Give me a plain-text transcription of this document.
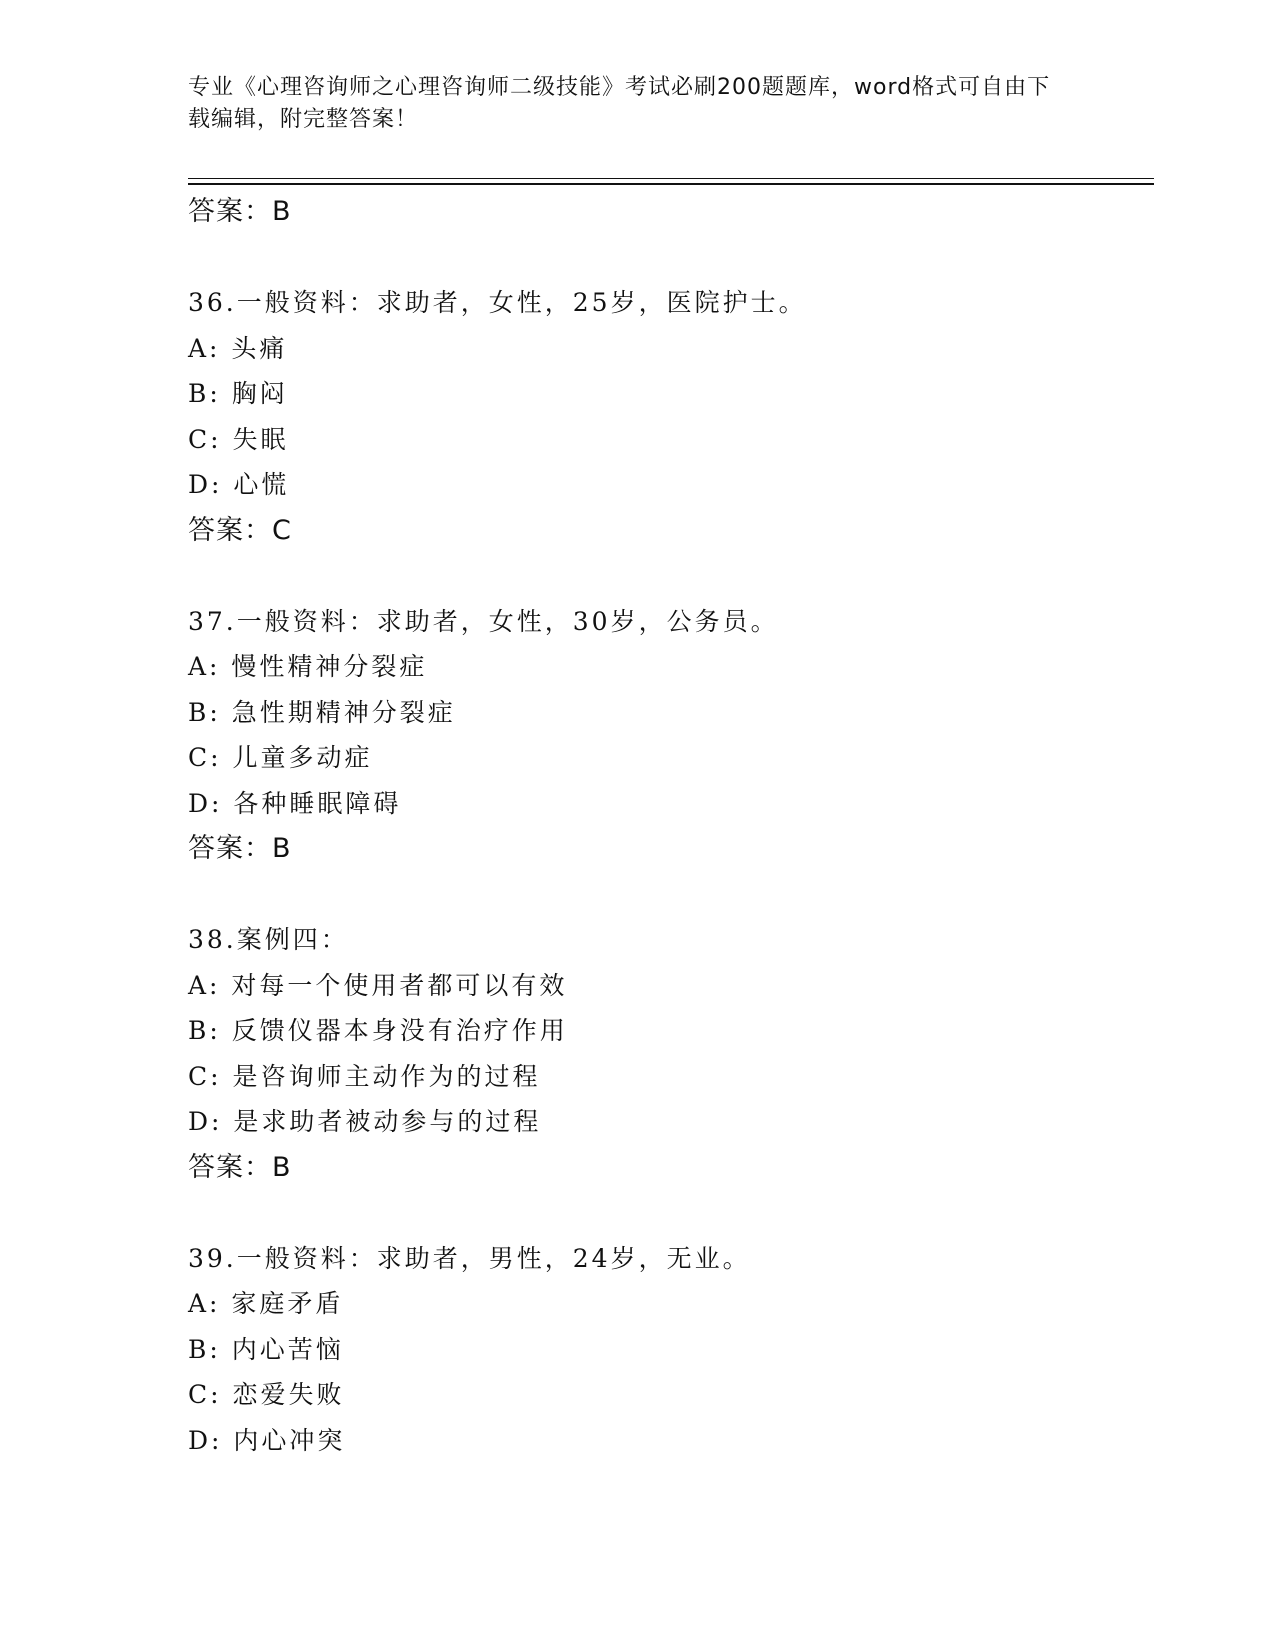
专业《心理咨询师之心理咨询师二级技能》考试必刷200题题库，word格式可自由下载编辑，附完整答案！
答案：B
36.一般资料：求助者，女性，25岁，医院护士。
A: 头痛
B: 胸闷
C: 失眠
D: 心慌
答案：C
37.一般资料：求助者，女性，30岁，公务员。
A: 慢性精神分裂症
B: 急性期精神分裂症
C: 儿童多动症
D: 各种睡眠障碍
答案：B
38.案例四：
A: 对每一个使用者都可以有效
B: 反馈仪器本身没有治疗作用
C: 是咨询师主动作为的过程
D: 是求助者被动参与的过程
答案：B
39.一般资料：求助者，男性，24岁，无业。
A: 家庭矛盾
B: 内心苦恼
C: 恋爱失败
D: 内心冲突
